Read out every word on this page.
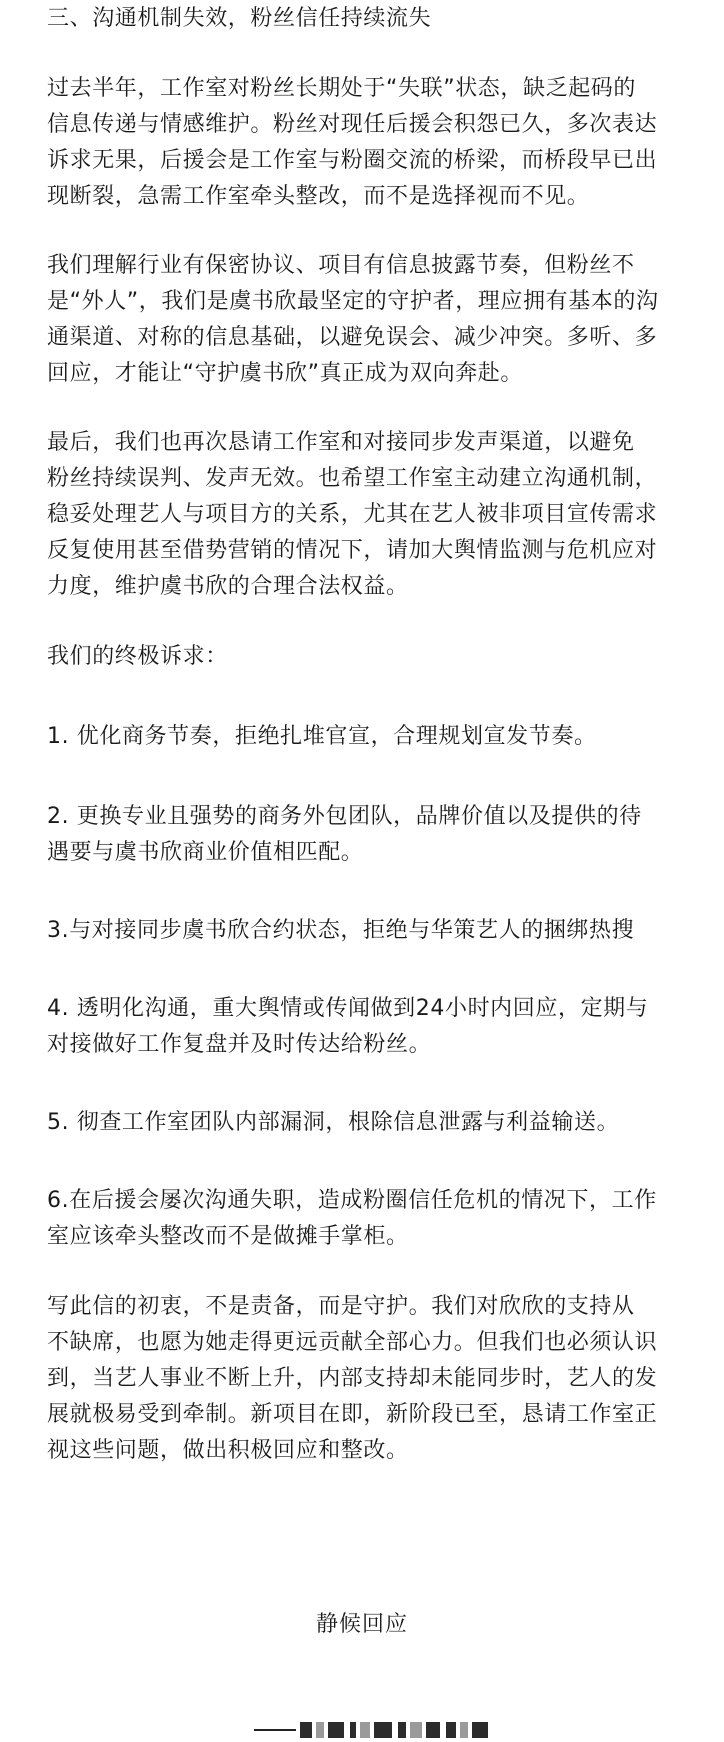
三、沟通机制失效，粉丝信任持续流失
过去半年，工作室对粉丝长期处于“失联”状态，缺乏起码的
信息传递与情感维护。粉丝对现任后援会积怨已久，多次表达
诉求无果，后援会是工作室与粉圈交流的桥梁，而桥段早已出
现断裂，急需工作室牵头整改，而不是选择视而不见。
我们理解行业有保密协议、项目有信息披露节奏，但粉丝不
是“外人”，我们是虞书欣最坚定的守护者，理应拥有基本的沟
通渠道、对称的信息基础，以避免误会、减少冲突。多听、多
回应，才能让“守护虞书欣”真正成为双向奔赴。
最后，我们也再次恳请工作室和对接同步发声渠道，以避免
粉丝持续误判、发声无效。也希望工作室主动建立沟通机制，
稳妥处理艺人与项目方的关系，尤其在艺人被非项目宣传需求
反复使用甚至借势营销的情况下，请加大舆情监测与危机应对
力度，维护虞书欣的合理合法权益。
我们的终极诉求：
1. 优化商务节奏，拒绝扎堆官宣，合理规划宣发节奏。
2. 更换专业且强势的商务外包团队，品牌价值以及提供的待
遇要与虞书欣商业价值相匹配。
3.与对接同步虞书欣合约状态，拒绝与华策艺人的捆绑热搜
4. 透明化沟通，重大舆情或传闻做到24小时内回应，定期与
对接做好工作复盘并及时传达给粉丝。
5. 彻查工作室团队内部漏洞，根除信息泄露与利益输送。
6.在后援会屡次沟通失职，造成粉圈信任危机的情况下，工作
室应该牵头整改而不是做摊手掌柜。
写此信的初衷，不是责备，而是守护。我们对欣欣的支持从
不缺席，也愿为她走得更远贡献全部心力。但我们也必须认识
到，当艺人事业不断上升，内部支持却未能同步时，艺人的发
展就极易受到牵制。新项目在即，新阶段已至，恳请工作室正
视这些问题，做出积极回应和整改。
静候回应
——
